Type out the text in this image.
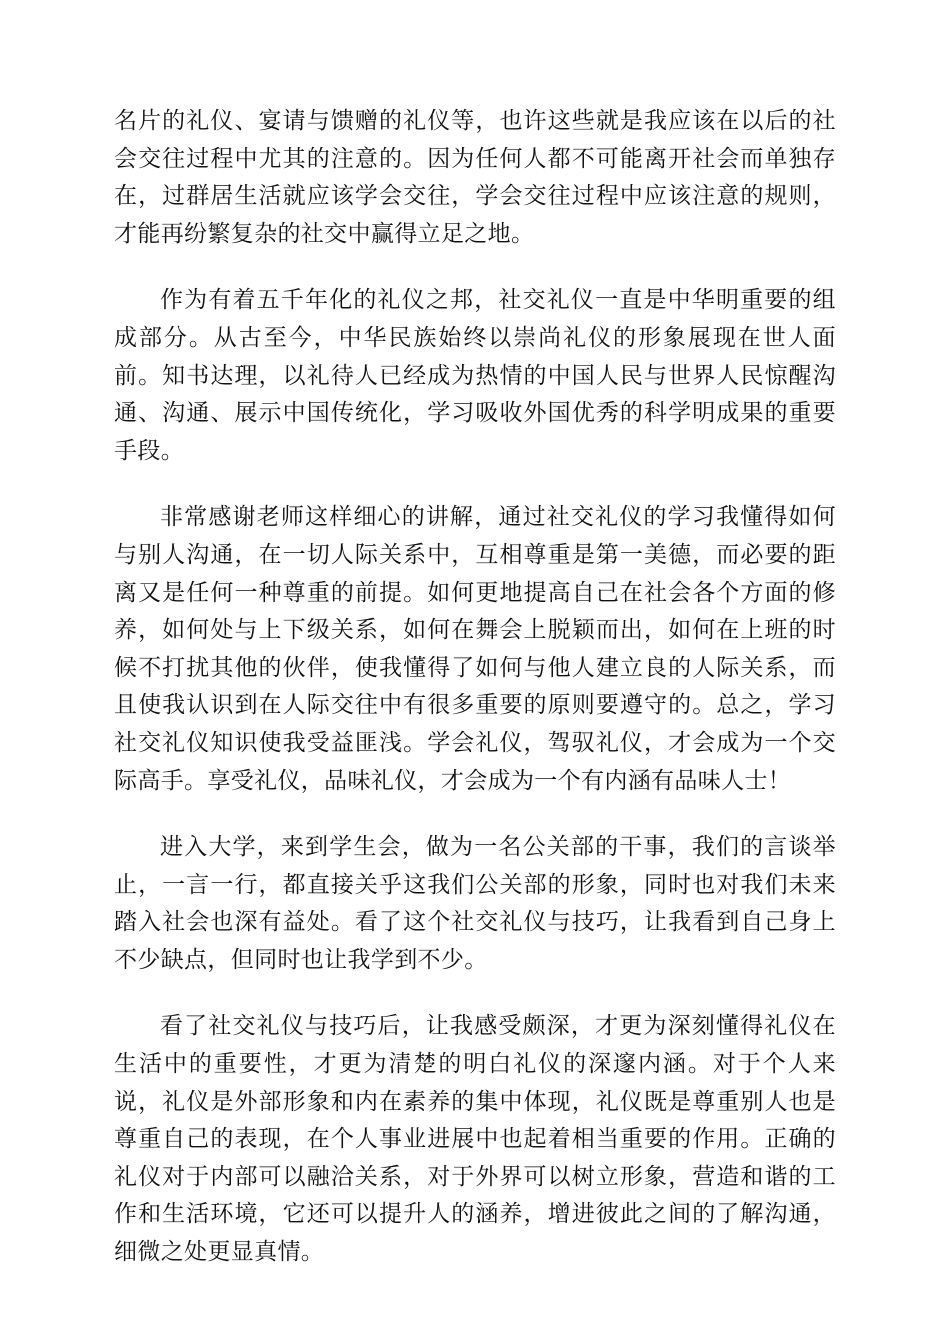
名片的礼仪、宴请与馈赠的礼仪等，也许这些就是我应该在以后的社会交往过程中尤其的注意的。因为任何人都不可能离开社会而单独存在，过群居生活就应该学会交往，学会交往过程中应该注意的规则，才能再纷繁复杂的社交中赢得立足之地。

作为有着五千年化的礼仪之邦，社交礼仪一直是中华明重要的组成部分。从古至今，中华民族始终以崇尚礼仪的形象展现在世人面前。知书达理，以礼待人已经成为热情的中国人民与世界人民惊醒沟通、沟通、展示中国传统化，学习吸收外国优秀的科学明成果的重要手段。

非常感谢老师这样细心的讲解，通过社交礼仪的学习我懂得如何与别人沟通，在一切人际关系中，互相尊重是第一美德，而必要的距离又是任何一种尊重的前提。如何更地提高自己在社会各个方面的修养，如何处与上下级关系，如何在舞会上脱颖而出，如何在上班的时候不打扰其他的伙伴，使我懂得了如何与他人建立良的人际关系，而且使我认识到在人际交往中有很多重要的原则要遵守的。总之，学习社交礼仪知识使我受益匪浅。学会礼仪，驾驭礼仪，才会成为一个交际高手。享受礼仪，品味礼仪，才会成为一个有内涵有品味人士！

进入大学，来到学生会，做为一名公关部的干事，我们的言谈举止，一言一行，都直接关乎这我们公关部的形象，同时也对我们未来踏入社会也深有益处。看了这个社交礼仪与技巧，让我看到自己身上不少缺点，但同时也让我学到不少。

看了社交礼仪与技巧后，让我感受颇深，才更为深刻懂得礼仪在生活中的重要性，才更为清楚的明白礼仪的深邃内涵。对于个人来说，礼仪是外部形象和内在素养的集中体现，礼仪既是尊重别人也是尊重自己的表现，在个人事业进展中也起着相当重要的作用。正确的礼仪对于内部可以融洽关系，对于外界可以树立形象，营造和谐的工作和生活环境，它还可以提升人的涵养，增进彼此之间的了解沟通，细微之处更显真情。
